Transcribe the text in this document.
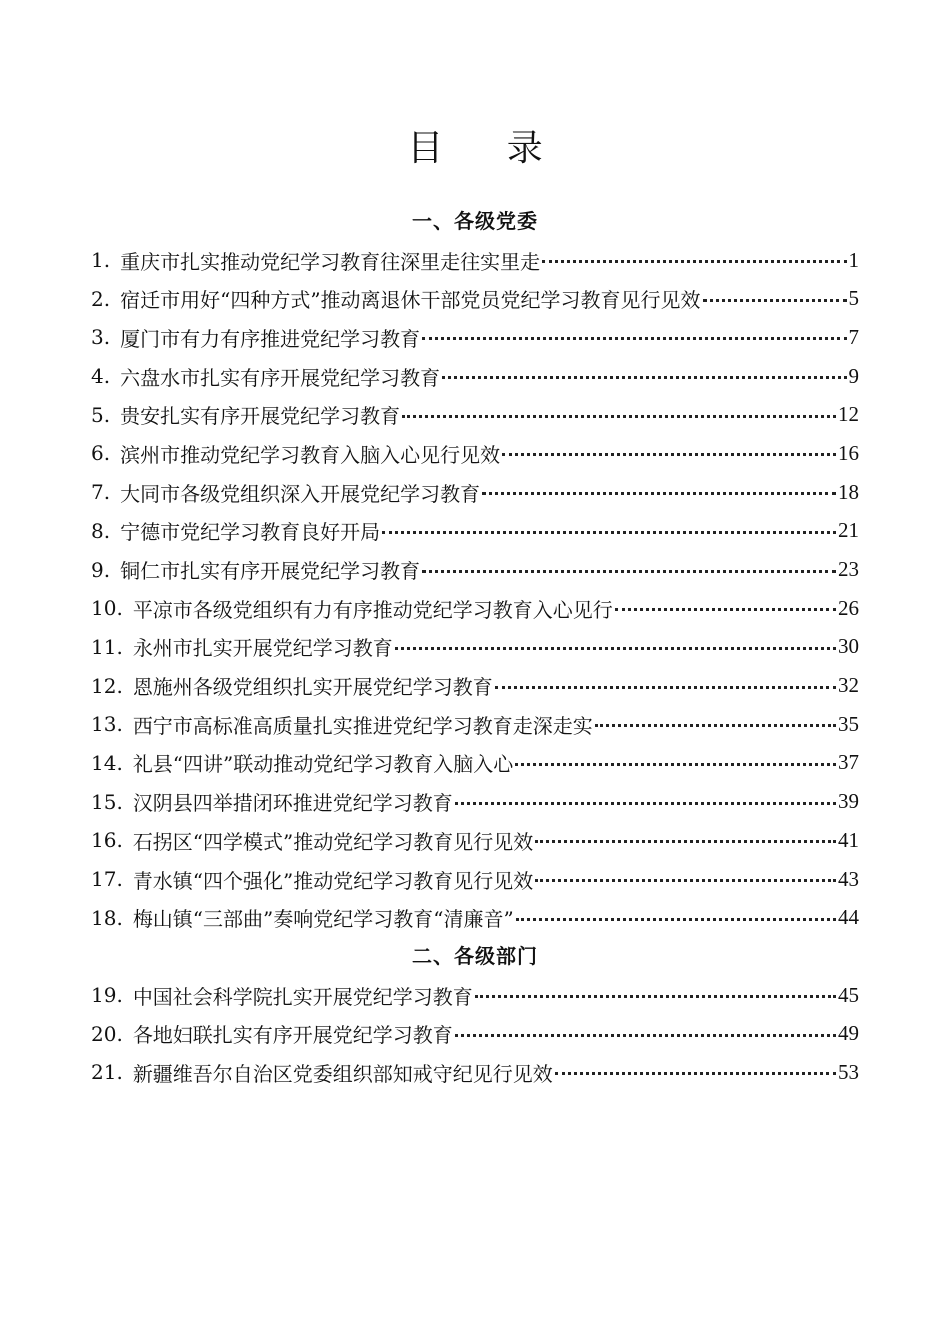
目 录
一、各级党委
1 . 重庆市扎实推动党纪学习教育往深里走往实里走	1
2 . 宿迁市用好“四种方式”推动离退休干部党员党纪学习教育见行见效	5
3 . 厦门市有力有序推进党纪学习教育	7
4 . 六盘水市扎实有序开展党纪学习教育	9
5 . 贵安扎实有序开展党纪学习教育	12
6 . 滨州市推动党纪学习教育入脑入心见行见效	16
7 . 大同市各级党组织深入开展党纪学习教育	18
8 . 宁德市党纪学习教育良好开局	21
9 . 铜仁市扎实有序开展党纪学习教育	23
10 . 平凉市各级党组织有力有序推动党纪学习教育入心见行	26
11 . 永州市扎实开展党纪学习教育	30
12 . 恩施州各级党组织扎实开展党纪学习教育	32
13 . 西宁市高标准高质量扎实推进党纪学习教育走深走实	35
14 . 礼县“四讲”联动推动党纪学习教育入脑入心	37
15 . 汉阴县四举措闭环推进党纪学习教育	39
16 . 石拐区“四学模式”推动党纪学习教育见行见效	41
17 . 青水镇“四个强化”推动党纪学习教育见行见效	43
18 . 梅山镇“三部曲”奏响党纪学习教育“清廉音”	44
二、各级部门
19 . 中国社会科学院扎实开展党纪学习教育	45
20 . 各地妇联扎实有序开展党纪学习教育	49
21 . 新疆维吾尔自治区党委组织部知戒守纪见行见效	53
